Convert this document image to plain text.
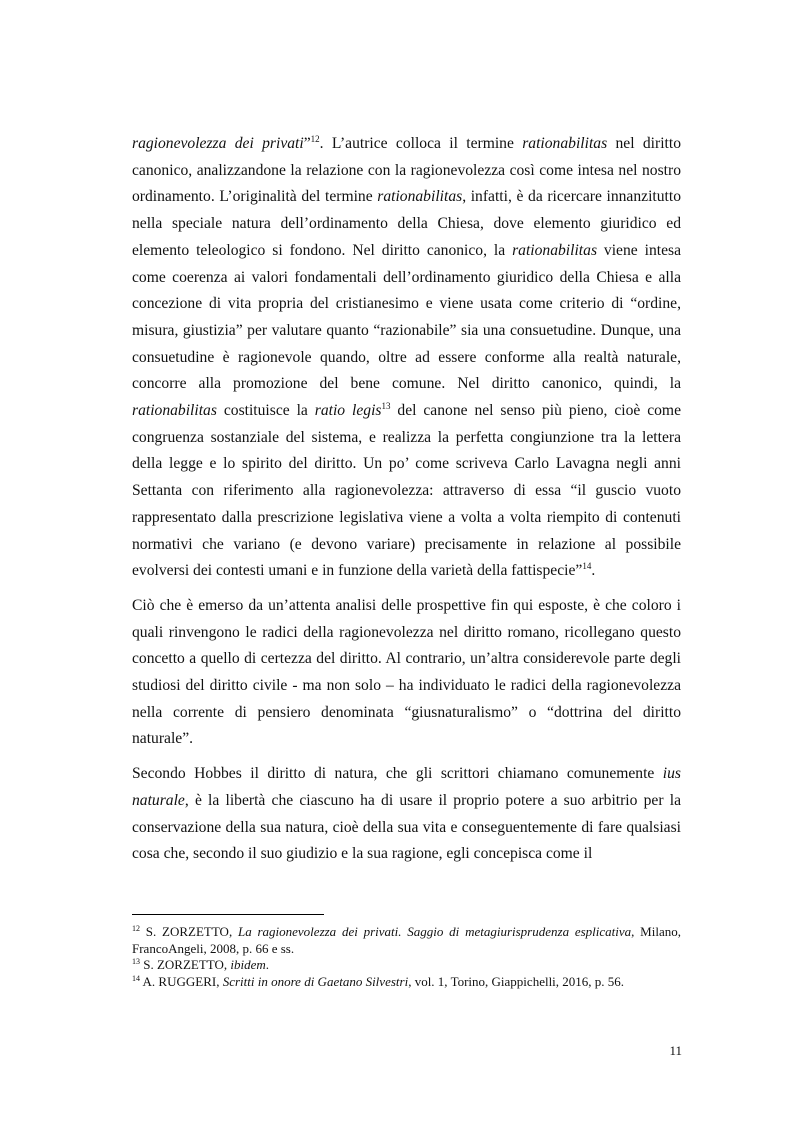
ragionevolezza dei privati”$^{12}$. L’autrice colloca il termine rationabilitas nel diritto canonico, analizzandone la relazione con la ragionevolezza così come intesa nel nostro ordinamento. L’originalità del termine rationabilitas, infatti, è da ricercare innanzitutto nella speciale natura dell’ordinamento della Chiesa, dove elemento giuridico ed elemento teleologico si fondono. Nel diritto canonico, la rationabilitas viene intesa come coerenza ai valori fondamentali dell’ordinamento giuridico della Chiesa e alla concezione di vita propria del cristianesimo e viene usata come criterio di “ordine, misura, giustizia” per valutare quanto “razionabile” sia una consuetudine. Dunque, una consuetudine è ragionevole quando, oltre ad essere conforme alla realtà naturale, concorre alla promozione del bene comune. Nel diritto canonico, quindi, la rationabilitas costituisce la ratio legis$^{13}$ del canone nel senso più pieno, cioè come congruenza sostanziale del sistema, e realizza la perfetta congiunzione tra la lettera della legge e lo spirito del diritto. Un po’ come scriveva Carlo Lavagna negli anni Settanta con riferimento alla ragionevolezza: attraverso di essa “il guscio vuoto rappresentato dalla prescrizione legislativa viene a volta a volta riempito di contenuti normativi che variano (e devono variare) precisamente in relazione al possibile evolversi dei contesti umani e in funzione della varietà della fattispecie”$^{14}$.

Ciò che è emerso da un’attenta analisi delle prospettive fin qui esposte, è che coloro i quali rinvengono le radici della ragionevolezza nel diritto romano, ricollegano questo concetto a quello di certezza del diritto. Al contrario, un’altra considerevole parte degli studiosi del diritto civile - ma non solo – ha individuato le radici della ragionevolezza nella corrente di pensiero denominata “giusnaturalismo” o “dottrina del diritto naturale”.

Secondo Hobbes il diritto di natura, che gli scrittori chiamano comunemente ius naturale, è la libertà che ciascuno ha di usare il proprio potere a suo arbitrio per la conservazione della sua natura, cioè della sua vita e conseguentemente di fare qualsiasi cosa che, secondo il suo giudizio e la sua ragione, egli concepisca come il

$^{12}$ S. ZORZETTO, La ragionevolezza dei privati. Saggio di metagiurisprudenza esplicativa, Milano, FrancoAngeli, 2008, p. 66 e ss.

$^{13}$ S. ZORZETTO, ibidem.

$^{14}$ A. RUGGERI, Scritti in onore di Gaetano Silvestri, vol. 1, Torino, Giappichelli, 2016, p. 56.

11
